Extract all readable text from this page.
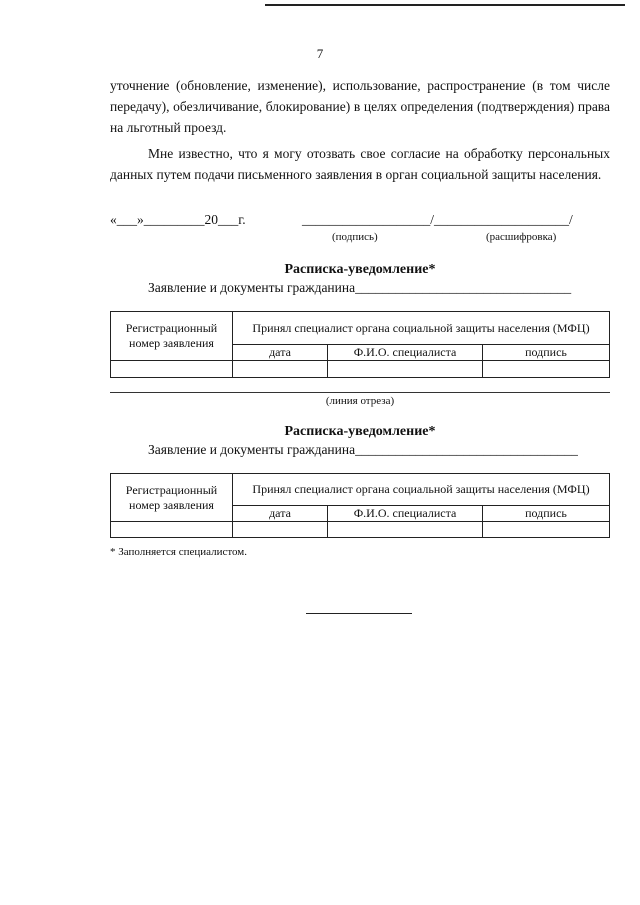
7
уточнение (обновление, изменение), использование, распространение (в том числе передачу), обезличивание, блокирование) в целях определения (подтверждения) права на льготный проезд.
Мне известно, что я могу отозвать свое согласие на обработку персональных данных путем подачи письменного заявления в орган социальной защиты населения.
«___»_________20___г.	___________________/____________________/
(подпись)	(расшифровка)
Расписка-уведомление*
Заявление и документы гражданина________________________________
Регистрационный номер заявления	Принял специалист органа социальной защиты населения (МФЦ)		
	дата	Ф.И.О. специалиста	подпись

(линия отреза)
Расписка-уведомление*
Заявление и документы гражданина_________________________________
Регистрационный номер заявления	Принял специалист органа социальной защиты населения (МФЦ)		
	дата	Ф.И.О. специалиста	подпись

* Заполняется специалистом.
